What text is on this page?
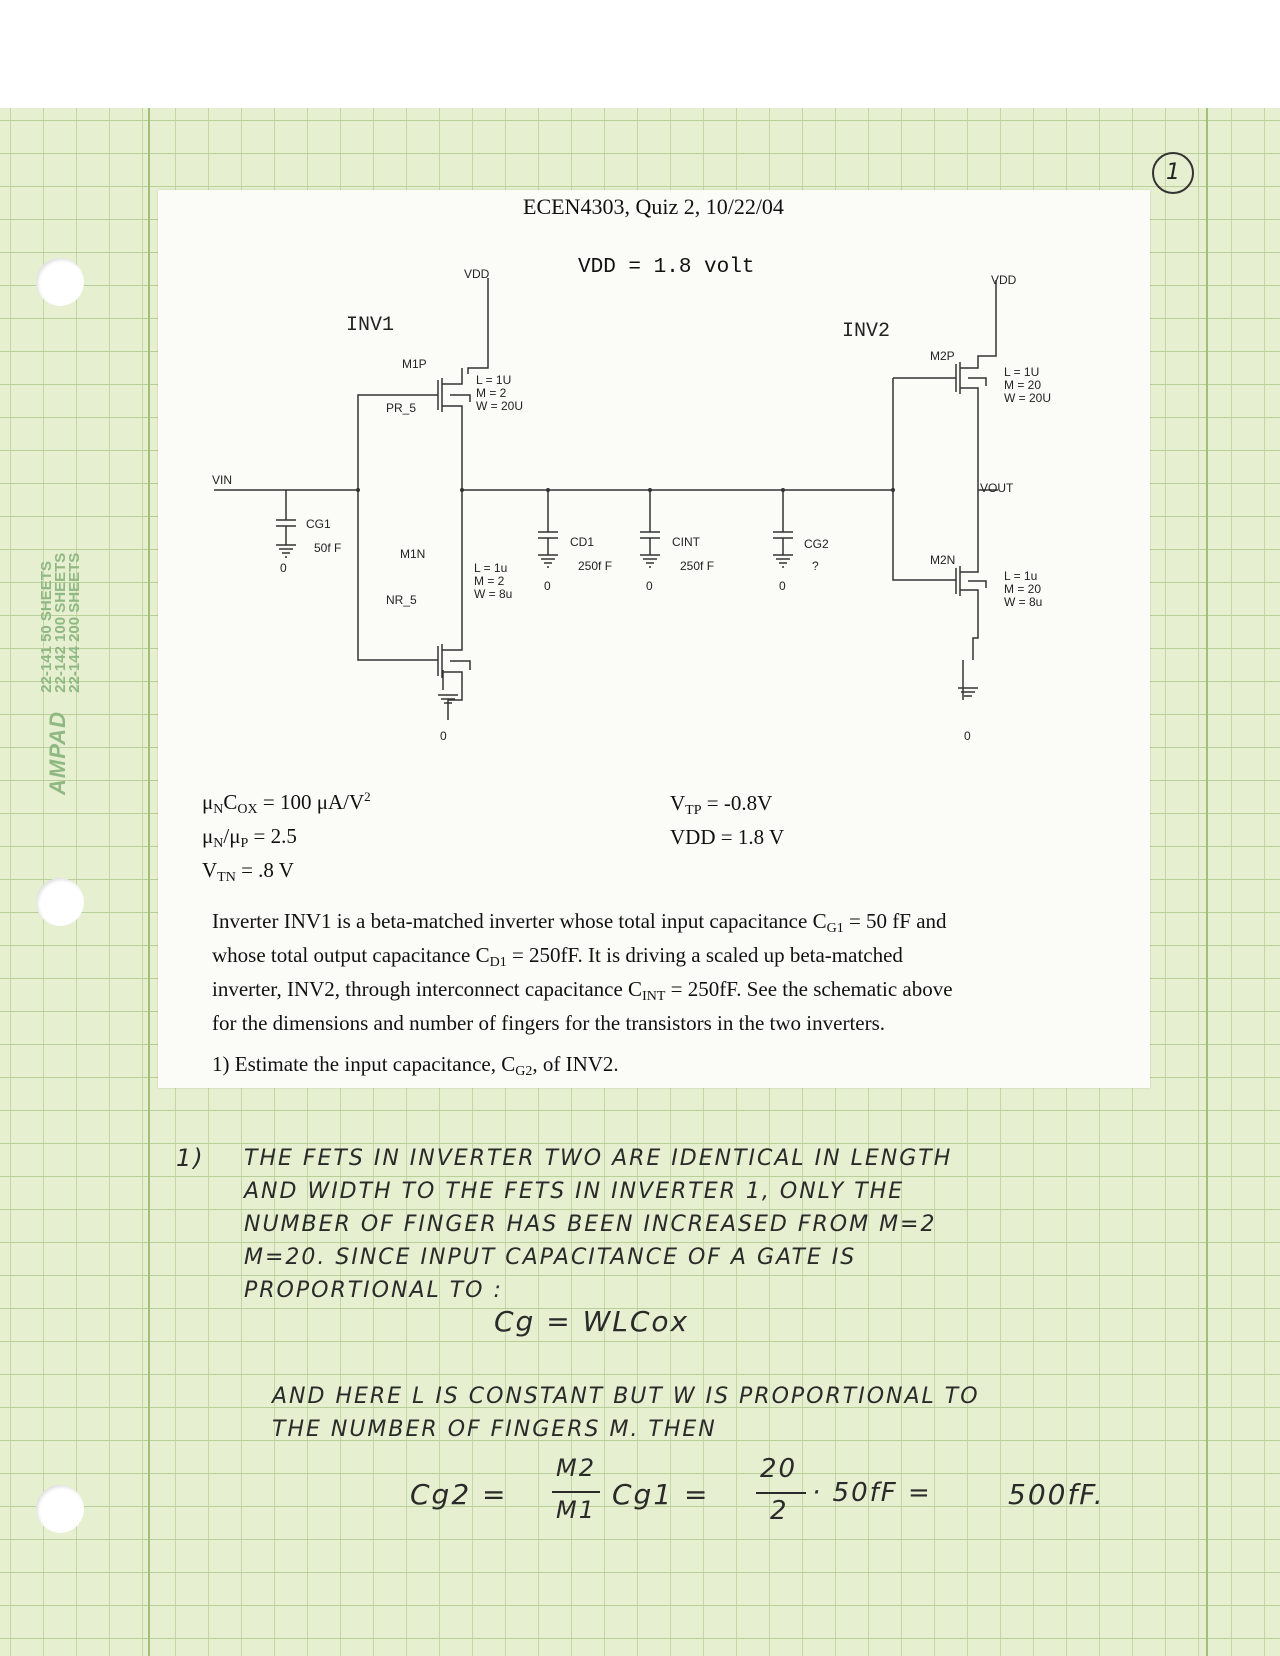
AMPAD
22-141 50 SHEETS
22-142 100 SHEETS
22-144 200 SHEETS
1
ECEN4303, Quiz 2, 10/22/04
VDD = 1.8 volt
INV1	INV2
VDD	VDD
VIN
VOUT
M1P
PR_5
L = 1U
M = 2
W = 20U
M1N
NR_5
L = 1u
M = 2
W = 8u
M2P
L = 1U
M = 20
W = 20U
M2N
L = 1u
M = 20
W = 8u
CG1
50f F	CD1
250f F
CINT
250f F
CG2
?
0
0	0	0
0	0
$\mu_NC_{OX} = 100$ $\mu A/V^2$
$\mu_N/\mu_P = 2.5$
$V_{TN} = .8$ V
$V_{TP} = -0.8V$
VDD = 1.8 V
Inverter INV1 is a beta-matched inverter whose total input capacitance $C_{G1} = 50$ fF and
whose total output capacitance $C_{D1} = 250fF$. It is driving a scaled up beta-matched
inverter, INV2, through interconnect capacitance $C_{INT} = 250fF$. See the schematic above
for the dimensions and number of fingers for the transistors in the two inverters.
1) Estimate the input capacitance, $C_{G2}$, of INV2.
1) THE FETS IN INVERTER TWO ARE IDENTICAL IN LENGTH
AND WIDTH TO THE FETS IN INVERTER 1, ONLY THE
NUMBER OF FINGER HAS BEEN INCREASED FROM M=2
M=20. SINCE INPUT CAPACITANCE OF A GATE IS
PROPORTIONAL TO :
Cg = WLCox
AND HERE L IS CONSTANT BUT W IS PROPORTIONAL TO
THE NUMBER OF FINGERS M. THEN
Cg2 =
M2
M1 Cg1 =
20
2
· 50fF =	500fF.
